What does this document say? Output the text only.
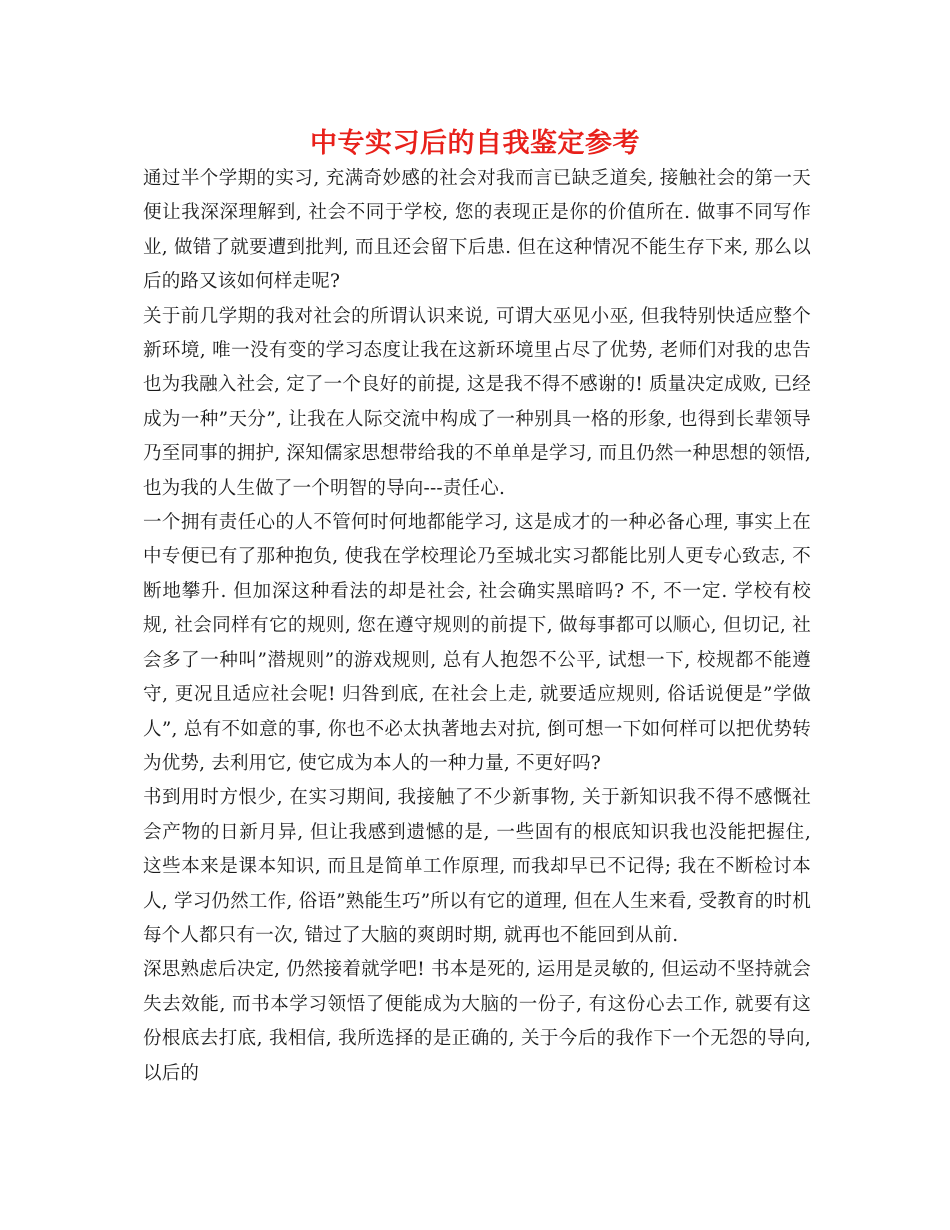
中专实习后的自我鉴定参考

通过半个学期的实习, 充满奇妙感的社会对我而言已缺乏道矣, 接触社会的第一天便让我深深理解到, 社会不同于学校, 您的表现正是你的价值所在. 做事不同写作业, 做错了就要遭到批判, 而且还会留下后患. 但在这种情况不能生存下来, 那么以后的路又该如何样走呢?

关于前几学期的我对社会的所谓认识来说, 可谓大巫见小巫, 但我特别快适应整个新环境, 唯一没有变的学习态度让我在这新环境里占尽了优势, 老师们对我的忠告也为我融入社会, 定了一个良好的前提, 这是我不得不感谢的! 质量决定成败, 已经成为一种”天分”, 让我在人际交流中构成了一种别具一格的形象, 也得到长辈领导乃至同事的拥护, 深知儒家思想带给我的不单单是学习, 而且仍然一种思想的领悟, 也为我的人生做了一个明智的导向---责任心.

一个拥有责任心的人不管何时何地都能学习, 这是成才的一种必备心理, 事实上在中专便已有了那种抱负, 使我在学校理论乃至城北实习都能比别人更专心致志, 不断地攀升. 但加深这种看法的却是社会, 社会确实黑暗吗? 不, 不一定. 学校有校规, 社会同样有它的规则, 您在遵守规则的前提下, 做每事都可以顺心, 但切记, 社会多了一种叫”潜规则”的游戏规则, 总有人抱怨不公平, 试想一下, 校规都不能遵守, 更况且适应社会呢! 归咎到底, 在社会上走, 就要适应规则, 俗话说便是”学做人”, 总有不如意的事, 你也不必太执著地去对抗, 倒可想一下如何样可以把优势转为优势, 去利用它, 使它成为本人的一种力量, 不更好吗?

书到用时方恨少, 在实习期间, 我接触了不少新事物, 关于新知识我不得不感慨社会产物的日新月异, 但让我感到遗憾的是, 一些固有的根底知识我也没能把握住, 这些本来是课本知识, 而且是简单工作原理, 而我却早已不记得; 我在不断检讨本人, 学习仍然工作, 俗语”熟能生巧”所以有它的道理, 但在人生来看, 受教育的时机每个人都只有一次, 错过了大脑的爽朗时期, 就再也不能回到从前.

深思熟虑后决定, 仍然接着就学吧! 书本是死的, 运用是灵敏的, 但运动不坚持就会失去效能, 而书本学习领悟了便能成为大脑的一份子, 有这份心去工作, 就要有这份根底去打底, 我相信, 我所选择的是正确的, 关于今后的我作下一个无怨的导向, 以后的
